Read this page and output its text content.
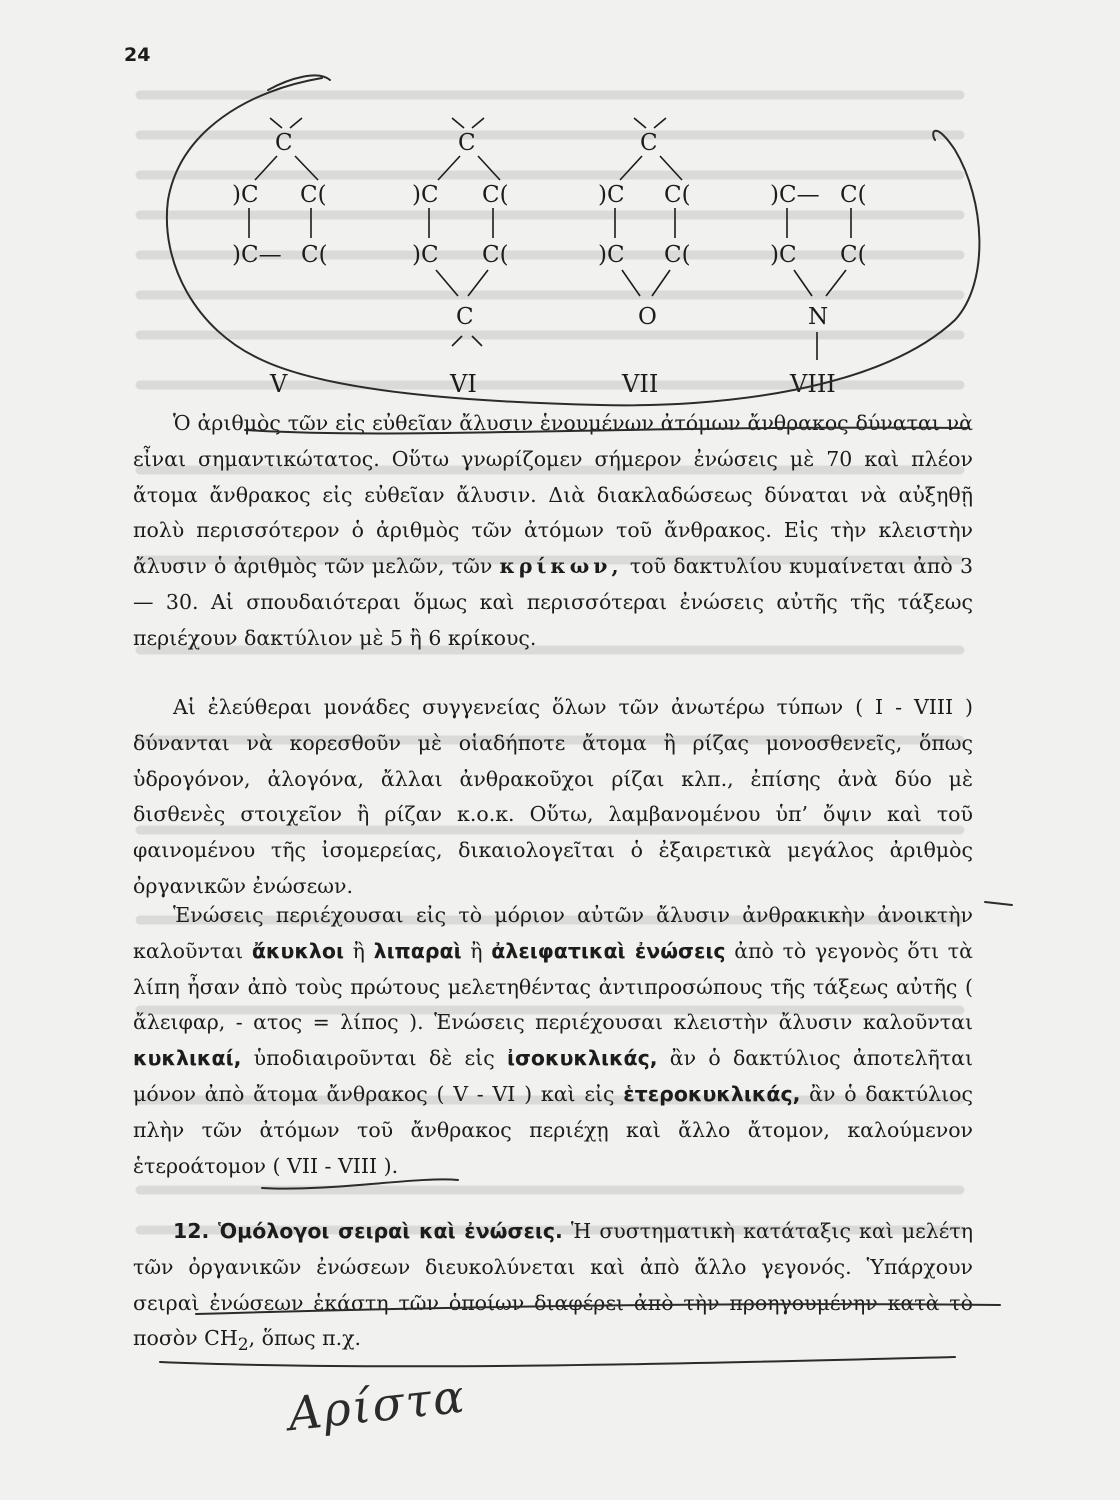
24
C
)C C(
)C— C(
V
C
)C C(
)C C(
C
VI
C
)C C(
)C C(
O
VII
)C— C(
)C C(
N
VIII

Ὁ ἀριθμὸς τῶν εἰς εὐθεῖαν ἄλυσιν ἑνουμένων ἀτόμων ἄνθρακος δύναται νὰ εἶναι σημαντικώτατος. Οὕτω γνωρίζομεν σήμερον ἐνώσεις μὲ 70 καὶ πλέον ἄτομα ἄνθρακος εἰς εὐθεῖαν ἄλυσιν. Διὰ διακλαδώσεως δύναται νὰ αὐξηθῇ πολὺ περισσότερον ὁ ἀριθμὸς τῶν ἀτόμων τοῦ ἄνθρακος. Εἰς τὴν κλειστὴν ἄλυσιν ὁ ἀριθμὸς τῶν μελῶν, τῶν κρίκων, τοῦ δακτυλίου κυμαίνεται ἀπὸ 3 — 30. Αἱ σπουδαιότεραι ὅμως καὶ περισσότεραι ἐνώσεις αὐτῆς τῆς τάξεως περιέχουν δακτύλιον μὲ 5 ἢ 6 κρίκους.

Αἱ ἐλεύθεραι μονάδες συγγενείας ὅλων τῶν ἀνωτέρω τύπων ( I - VIII ) δύνανται νὰ κορεσθοῦν μὲ οἱαδήποτε ἄτομα ἢ ρίζας μονοσθενεῖς, ὅπως ὑδρογόνον, ἀλογόνα, ἄλλαι ἀνθρακοῦχοι ρίζαι κλπ., ἐπίσης ἀνὰ δύο μὲ δισθενὲς στοιχεῖον ἢ ρίζαν κ.ο.κ. Οὕτω, λαμβανομένου ὑπ’ ὄψιν καὶ τοῦ φαινομένου τῆς ἰσομερείας, δικαιολογεῖται ὁ ἐξαιρετικὰ μεγάλος ἀριθμὸς ὀργανικῶν ἐνώσεων.

Ἑνώσεις περιέχουσαι εἰς τὸ μόριον αὐτῶν ἄλυσιν ἀνθρακικὴν ἀνοικτὴν καλοῦνται ἄκυκλοι ἢ λιπαραὶ ἢ ἀλειφατικαὶ ἐνώσεις ἀπὸ τὸ γεγονὸς ὅτι τὰ λίπη ἦσαν ἀπὸ τοὺς πρώτους μελετηθέντας ἀντιπροσώπους τῆς τάξεως αὐτῆς ( ἄλειφαρ, - ατος = λίπος ). Ἑνώσεις περιέχουσαι κλειστὴν ἄλυσιν καλοῦνται κυκλικαί, ὑποδιαιροῦνται δὲ εἰς ἰσοκυκλικάς, ἂν ὁ δακτύλιος ἀποτελῆται μόνον ἀπὸ ἄτομα ἄνθρακος ( V - VI ) καὶ εἰς ἑτεροκυκλικάς, ἂν ὁ δακτύλιος πλὴν τῶν ἀτόμων τοῦ ἄνθρακος περιέχῃ καὶ ἄλλο ἄτομον, καλούμενον ἑτεροάτομον ( VII - VIII ).

12. Ὁμόλογοι σειραὶ καὶ ἐνώσεις. Ἡ συστηματικὴ κατάταξις καὶ μελέτη τῶν ὀργανικῶν ἐνώσεων διευκολύνεται καὶ ἀπὸ ἄλλο γεγονός. Ὑπάρχουν σειραὶ ἐνώσεων ἑκάστη τῶν ὁποίων διαφέρει ἀπὸ τὴν προηγουμένην κατὰ τὸ ποσὸν $CH_2$, ὅπως π.χ.

Αρίστα
